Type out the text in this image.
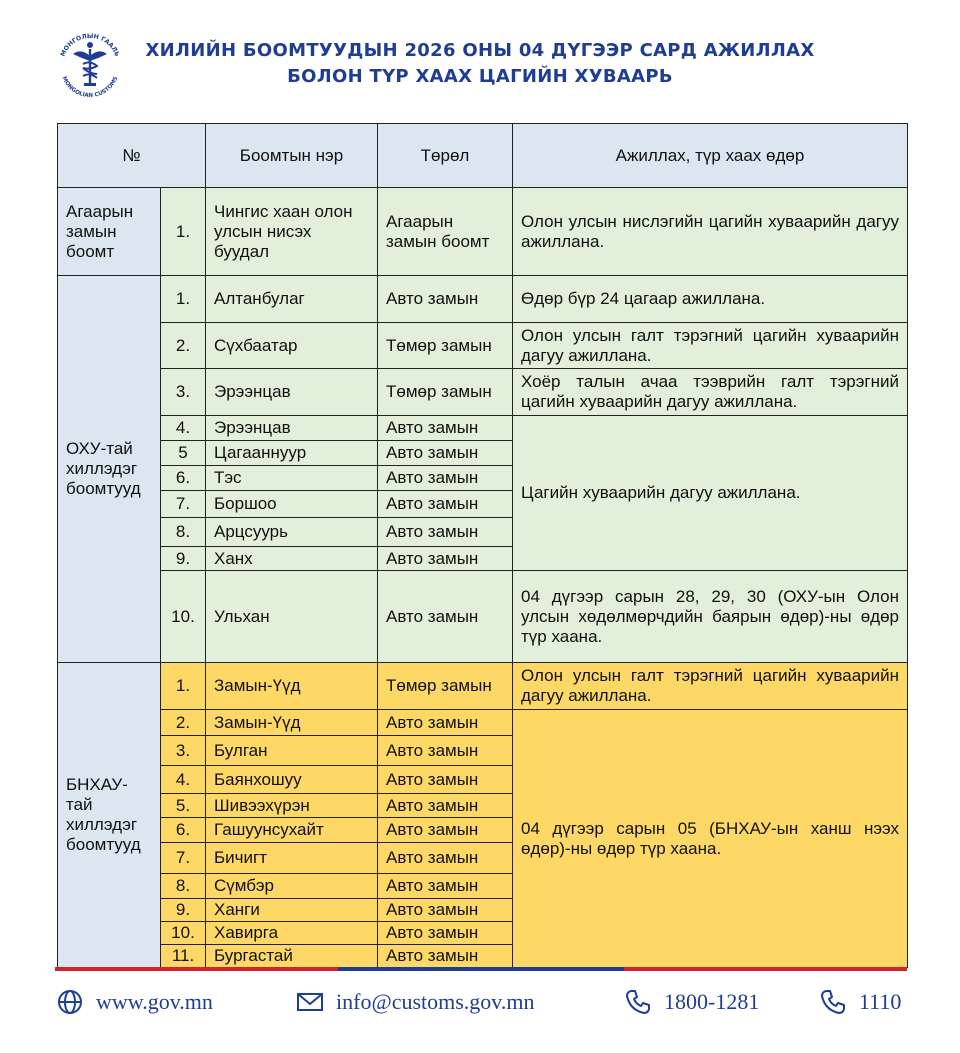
МОНГОЛЫН ГААЛЬ
MONGOLIAN CUSTOMS
ХИЛИЙН БООМТУУДЫН 2026 ОНЫ 04 ДҮГЭЭР САРД АЖИЛЛАХ
БОЛОН ТҮР ХААХ ЦАГИЙН ХУВААРЬ
№		Боомтын нэр	Төрөл	Ажиллах, түр хаах өдөр
Агаарын замын боомт	1.	Чингис хаан олон улсын нисэх буудал	Агаарын замын боомт	Олон улсын нислэгийн цагийн хуваарийн дагуу ажиллана.
ОХУ-тай хиллэдэг боомтууд	1.	Алтанбулаг	Авто замын	Өдөр бүр 24 цагаар ажиллана.
	2.	Сүхбаатар	Төмөр замын	Олон улсын галт тэрэгний цагийн хуваарийн дагуу ажиллана.
	3.	Эрээнцав	Төмөр замын	Хоёр талын ачаа тээврийн галт тэрэгний цагийн хуваарийн дагуу ажиллана.
	4.	Эрээнцав	Авто замын	Цагийн хуваарийн дагуу ажиллана.
	5	Цагааннуур	Авто замын	
	6.	Тэс	Авто замын	
	7.	Боршоо	Авто замын	
	8.	Арцсуурь	Авто замын	
	9.	Ханх	Авто замын	
	10.	Ульхан	Авто замын	04 дүгээр сарын 28, 29, 30 (ОХУ-ын Олон улсын хөдөлмөрчдийн баярын өдөр)-ны өдөр түр хаана.
БНХАУ-тай хиллэдэг боомтууд	1.	Замын-Үүд	Төмөр замын	Олон улсын галт тэрэгний цагийн хуваарийн дагуу ажиллана.
	2.	Замын-Үүд	Авто замын	04 дүгээр сарын 05 (БНХАУ-ын ханш нээх өдөр)-ны өдөр түр хаана.
	3.	Булган	Авто замын	
	4.	Баянхошуу	Авто замын	
	5.	Шивээхүрэн	Авто замын	
	6.	Гашуунсухайт	Авто замын	
	7.	Бичигт	Авто замын	
	8.	Сүмбэр	Авто замын	
	9.	Ханги	Авто замын	
	10.	Хавирга	Авто замын	
	11.	Бургастай	Авто замын	
www.gov.mn	info@customs.gov.mn	1800-1281	1110
